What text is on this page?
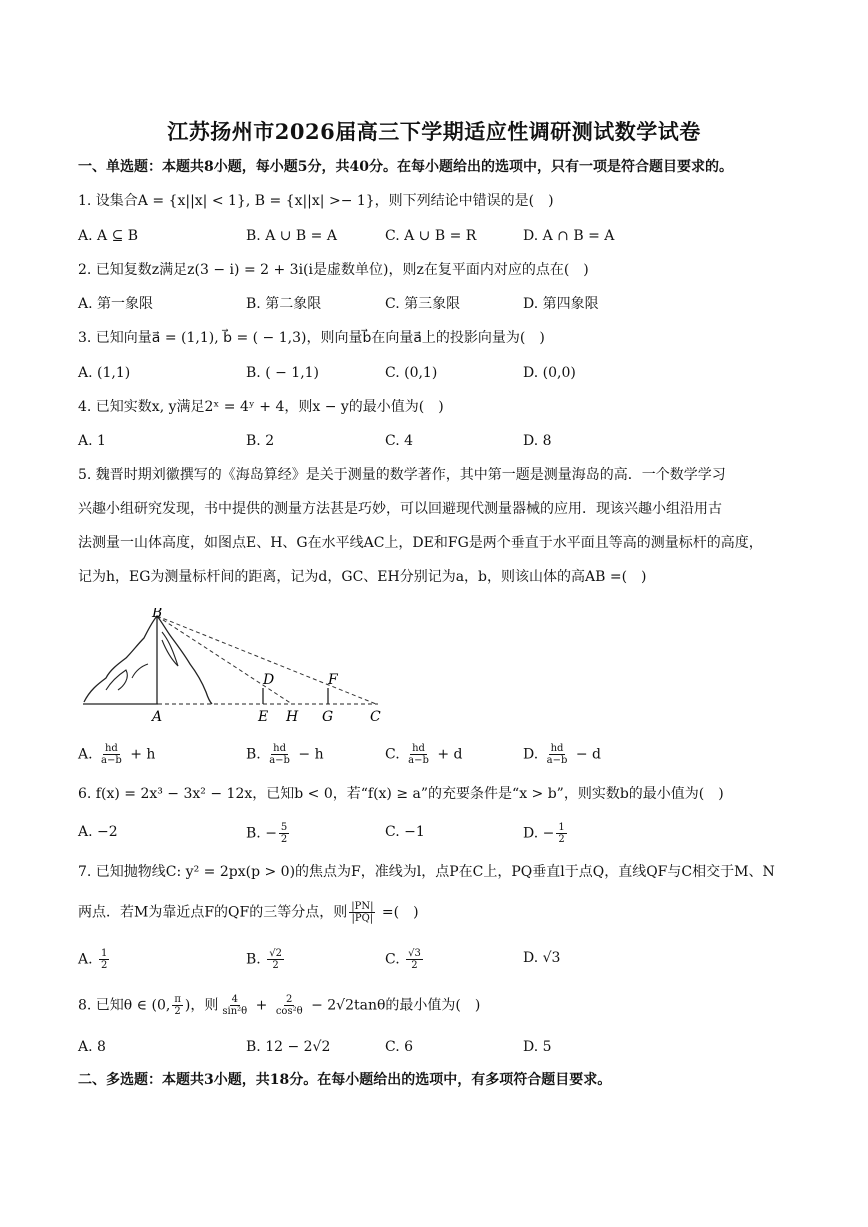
江苏扬州市2026届高三下学期适应性调研测试数学试卷
一、单选题：本题共8小题，每小题5分，共40分。在每小题给出的选项中，只有一项是符合题目要求的。
1. 设集合A = {x||x| < 1}, B = {x||x| >− 1}，则下列结论中错误的是(　)
A. A ⊆ B	B. A ∪ B = A	C. A ∪ B = R	D. A ∩ B = A
2. 已知复数z满足z(3 − i) = 2 + 3i(i是虚数单位)，则z在复平面内对应的点在(　)
A. 第一象限	B. 第二象限	C. 第三象限	D. 第四象限
3. 已知向量a⃗ = (1,1), b⃗ = ( − 1,3)，则向量b⃗在向量a⃗上的投影向量为(　)
A. (1,1)	B. ( − 1,1)	C. (0,1)	D. (0,0)
4. 已知实数x, y满足2ˣ = 4ʸ + 4，则x − y的最小值为(　)
A. 1	B. 2	C. 4	D. 8
5. 魏晋时期刘徽撰写的《海岛算经》是关于测量的数学著作，其中第一题是测量海岛的高．一个数学学习
兴趣小组研究发现，书中提供的测量方法甚是巧妙，可以回避现代测量器械的应用．现该兴趣小组沿用古
法测量一山体高度，如图点E、H、G在水平线AC上，DE和FG是两个垂直于水平面且等高的测量标杆的高度，
记为h，EG为测量标杆间的距离，记为d，GC、EH分别记为a，b，则该山体的高AB =(　)
B
D	F
A	E H G	C
A. $\frac{hd}{a-b} + h$	B. $\frac{hd}{a-b} - h$	C. $\frac{hd}{a-b} + d$	D. $\frac{hd}{a-b} - d$
6. f(x) = 2x³ − 3x² − 12x，已知b < 0，若“f(x) ≥ a”的充要条件是“x > b”，则实数b的最小值为(　)
A. −2	B. − $\frac{5}{2}$	C. −1	D. − $\frac{1}{2}$
7. 已知抛物线C: y² = 2px(p > 0)的焦点为F，准线为l，点P在C上，PQ垂直l于点Q，直线QF与C相交于M、N
两点．若M为靠近点F的QF的三等分点，则 $\frac{|PN|}{|PQ|}$ =(　)
A. $\frac{1}{2}$	B. $\frac{√2}{2}$	C. $\frac{√3}{2}$	D. √3
8. 已知θ ∈ (0, $\frac{\pi}{2}$ )，则 $\frac{4}{\text{sin²θ}} + \frac{2}{\text{cos²θ}} - 2√2\tan\theta$的最小值为(　)
A. 8	B. 12 − 2√2	C. 6	D. 5
二、多选题：本题共3小题，共18分。在每小题给出的选项中，有多项符合题目要求。
